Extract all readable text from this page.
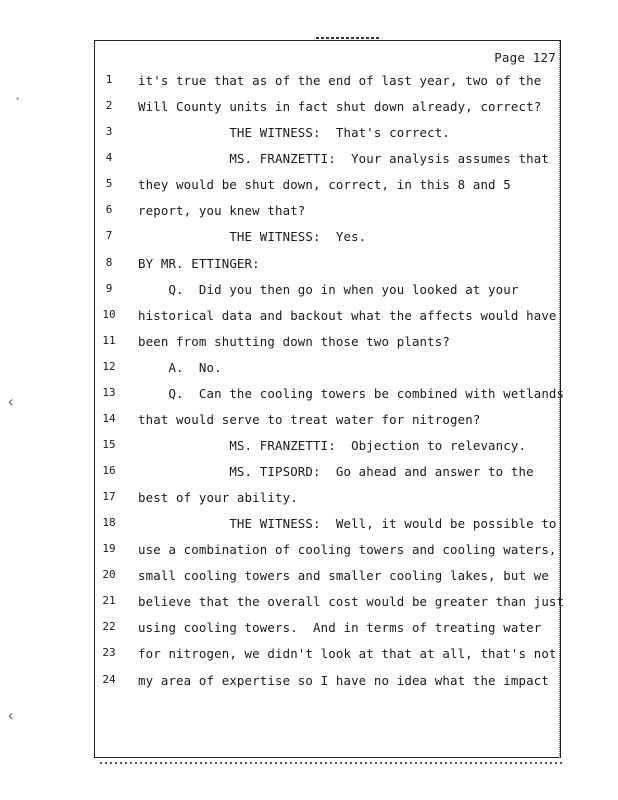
·
‹
‹
Page 127
1	it's true that as of the end of last year, two of the
2	Will County units in fact shut down already, correct?
3	THE WITNESS:  That's correct.
4	MS. FRANZETTI:  Your analysis assumes that
5	they would be shut down, correct, in this 8 and 5
6	report, you knew that?
7	THE WITNESS:  Yes.
8	BY MR. ETTINGER:
9	Q.  Did you then go in when you looked at your
10	historical data and backout what the affects would have
11	been from shutting down those two plants?
12	A.  No.
13	Q.  Can the cooling towers be combined with wetlands
14	that would serve to treat water for nitrogen?
15	MS. FRANZETTI:  Objection to relevancy.
16	MS. TIPSORD:  Go ahead and answer to the
17	best of your ability.
18	THE WITNESS:  Well, it would be possible to
19	use a combination of cooling towers and cooling waters,
20	small cooling towers and smaller cooling lakes, but we
21	believe that the overall cost would be greater than just
22	using cooling towers.  And in terms of treating water
23	for nitrogen, we didn't look at that at all, that's not
24	my area of expertise so I have no idea what the impact
